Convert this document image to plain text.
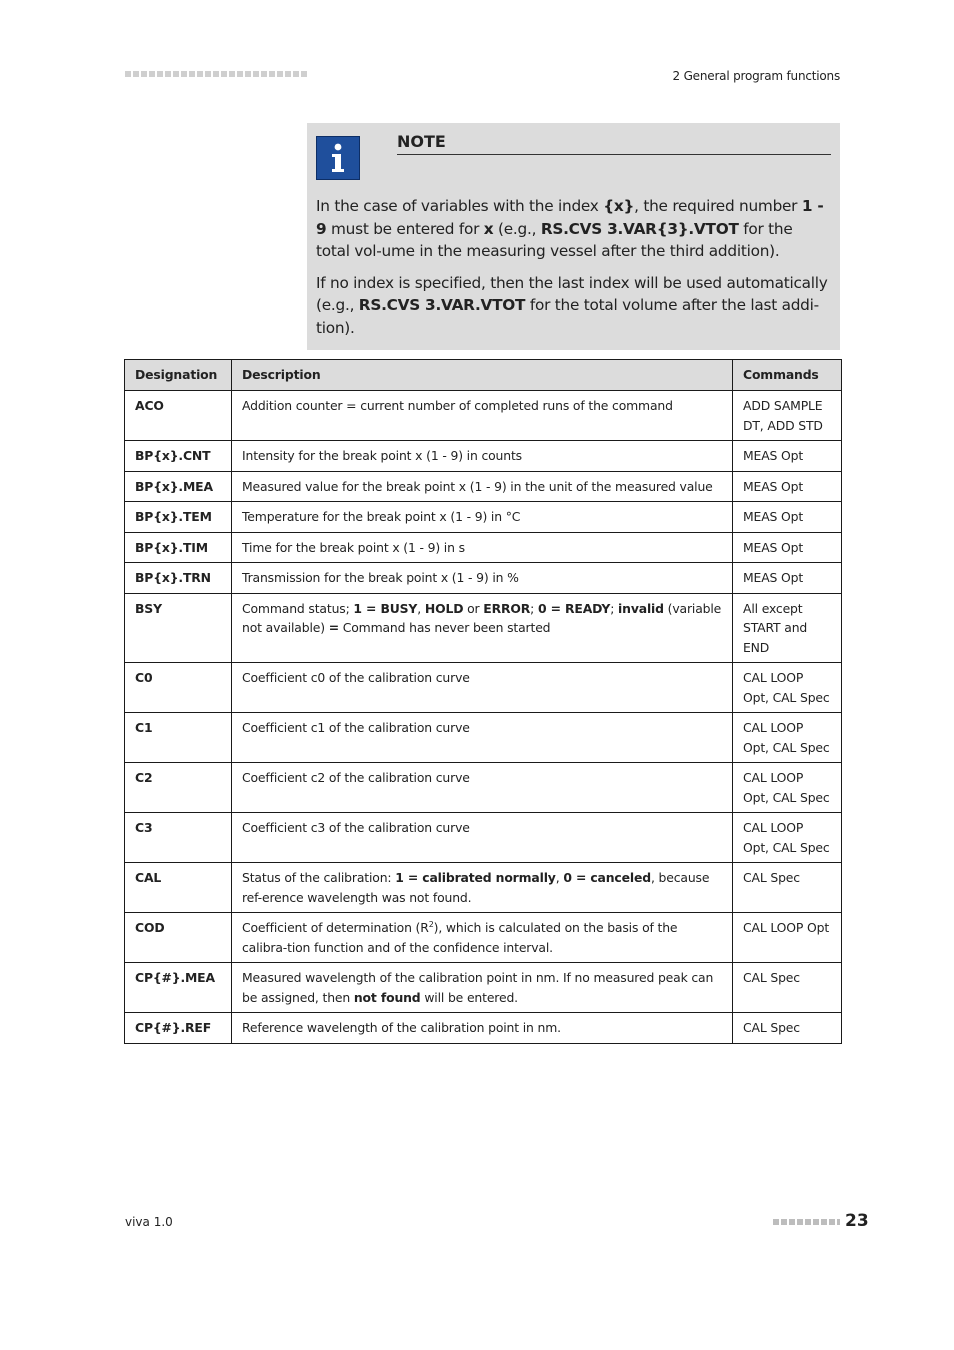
2 General program functions
NOTE

In the case of variables with the index {x}, the required number 1 - 9 must be entered for x (e.g., RS.CVS 3.VAR{3}.VTOT for the total vol-ume in the measuring vessel after the third addition).

If no index is specified, then the last index will be used automatically (e.g., RS.CVS 3.VAR.VTOT for the total volume after the last addi-tion).

Designation	Description	Commands
ACO	Addition counter = current number of completed runs of the command	ADD SAMPLE DT, ADD STD
BP{x}.CNT	Intensity for the break point x (1 - 9) in counts	MEAS Opt
BP{x}.MEA	Measured value for the break point x (1 - 9) in the unit of the measured value	MEAS Opt
BP{x}.TEM	Temperature for the break point x (1 - 9) in °C	MEAS Opt
BP{x}.TIM	Time for the break point x (1 - 9) in s	MEAS Opt
BP{x}.TRN	Transmission for the break point x (1 - 9) in %	MEAS Opt
BSY	Command status; 1 = BUSY, HOLD or ERROR; 0 = READY; invalid (variable not available) = Command has never been started	All except START and END
C0	Coefficient c0 of the calibration curve	CAL LOOP Opt, CAL Spec
C1	Coefficient c1 of the calibration curve	CAL LOOP Opt, CAL Spec
C2	Coefficient c2 of the calibration curve	CAL LOOP Opt, CAL Spec
C3	Coefficient c3 of the calibration curve	CAL LOOP Opt, CAL Spec
CAL	Status of the calibration: 1 = calibrated normally, 0 = canceled, because ref-erence wavelength was not found.	CAL Spec
COD	Coefficient of determination $(R^2)$, which is calculated on the basis of the calibra-tion function and of the confidence interval.	CAL LOOP Opt
CP{#}.MEA	Measured wavelength of the calibration point in nm. If no measured peak can be assigned, then not found will be entered.	CAL Spec
CP{#}.REF	Reference wavelength of the calibration point in nm.	CAL Spec
viva 1.0	23
